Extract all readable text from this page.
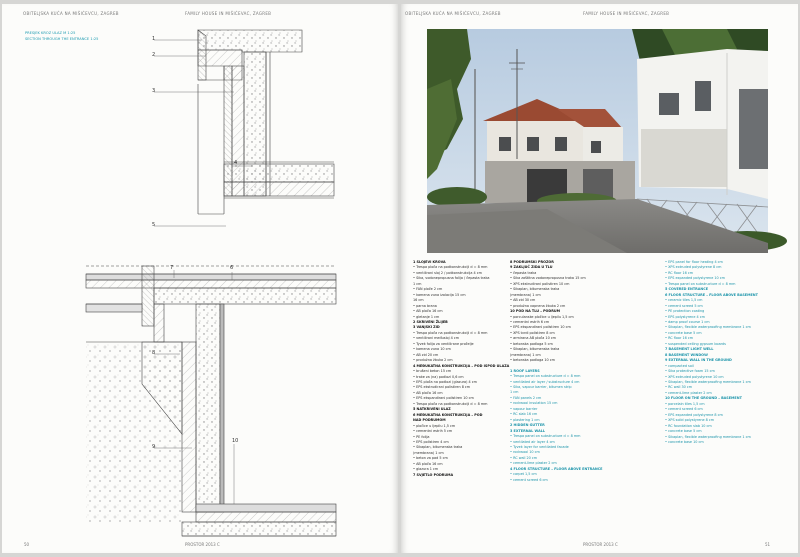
OBITELJSKA KUĆA NA MIŠIĆEVCU, ZAGREB	FAMILY HOUSE IN MIŠIĆEVAC, ZAGREB
PRESJEK KROZ ULAZ M 1:25
SECTION THROUGH THE ENTRANCE 1:25	1
2
3
4
5
6
7
8
9
10
50	PROSTOR 2013 C
OBITELJSKA KUĆA NA MIŠIĆEVCU, ZAGREB	FAMILY HOUSE IN MIŠIĆEVAC, ZAGREB
1 SLOJEVI KROVA
• Trespa ploča na podkonstrukciji d = 8 mm
• ventilirani sloj 2 / potkonstrukcija 4 cm
• Sika, vodonepropusna folija / čepasta traka
1 cm
• FAN ploče 2 cm
• kamena vuna izolacija 15 cm
16 cm
• parna brana
• AB ploča 16 cm
• gletanje 1 cm
2 SKRIVENI ŽLIJEB
3 VANJSKI ZID
• Trespa ploča na podkonstrukciji d = 8 mm
• ventilirani međusloj 4 cm
• Tyvek folija za ventilirane pročelje
• kamena vuna 10 cm
• AB zid 20 cm
• produžna žbuka 2 cm
4 MEĐUKATNA KONSTRUKCIJA – POD ISPOD ULAZA
• brušeni beton 15 cm
• trake za (na) podlozi 0,6 cm
• EPS ploča na podlozi (glazura) 4 cm
• EPS ekstrudirani polistiren 8 cm
• AB ploča 16 cm
• EPS ekspandirani polistiren 10 cm
• Trespa ploča na podkonstrukciji d = 8 mm
5 NATKRIVENI ULAZ
6 MEĐUKATNA KONSTRUKCIJA – POD
NAD PODRUMOM
• pločice u ljepilu 1,5 cm
• cementni estrih 5 cm
• PE folija
• EPS polistiren 4 cm
• Sikaplan, bitumenska traka
(membrana) 1 cm
• beton za pad 5 cm
• AB ploča 16 cm
• glazura 1 cm
7 SVJETLO PODRUMA
8 PODRUMSKI PROZOR
9 ZAKLJUČ ZIDA U TLU
• čepasta traka
• Sika zaštitna vodonepropusna traka 15 cm
• XPS ekstrudirani polistiren 10 cm
• Sikaplan, bitumenska traka
(membrana) 1 cm
• AB zid 30 cm
• produžna vapnena žbuka 2 cm
10 POD NA TLU – PODRUM
• porculanske pločice u ljepilu 1,5 cm
• cementni estrih 6 cm
• EPS ekspandirani polistiren 10 cm
• XPS tvrdi polistiren 8 cm
• armirana AB ploča 10 cm
• betonska podloga 5 cm
• Sikaplan, bitumenska traka
(membrana) 1 cm
• betonska podloga 10 cm
1 ROOF LAYERS
• Trespa panel on substructure d = 8 mm
• ventilated air layer / substructure 4 cm
• Sika, vapour barrier, bitumen strip
1 cm
• FAN panels 2 cm
• rockwool insulation 15 cm
• vapour barrier
• RC slab 16 cm
• plastering 1 cm
2 HIDDEN GUTTER
3 EXTERNAL WALL
• Trespa panel on substructure d = 8 mm
• ventilated air layer 4 cm
• Tyvek layer for ventilated facade
• rockwool 10 cm
• RC wall 20 cm
• cement-lime plaster 2 cm
4 FLOOR STRUCTURE – FLOOR ABOVE ENTRANCE
• carpet 1,5 cm
• cement screed 6 cm
• EPS panel for floor heating 4 cm
• XPS extruded polystyrene 8 cm
• RC floor 16 cm
• EPS expanded polystyrene 10 cm
• Trespa panel on substructure d = 8 mm
5 COVERED ENTRANCE
6 FLOOR STRUCTURE – FLOOR ABOVE BASEMENT
• ceramic tiles 1,5 cm
• cement screed 5 cm
• PE protection coating
• EPS polystyrene 4 cm
• damp proof course 1 cm
• Sikaplan, flexible waterproofing membrane 1 cm
• concrete base 5 cm
• RC floor 16 cm
• suspended ceiling gypsum boards
7 BASEMENT LIGHT WELL
8 BASEMENT WINDOW
9 EXTERNAL WALL IN THE GROUND
• compacted soil
• Sika protective foam 15 cm
• XPS extruded polystyrene 10 cm
• Sikaplan, flexible waterproofing membrane 1 cm
• RC wall 30 cm
• cement-lime plaster 2 cm
10 FLOOR ON THE GROUND – BASEMENT
• porcelain tiles 1,5 cm
• cement screed 6 cm
• EPS expanded polystyrene 8 cm
• XPS solid polystyrene 8 cm
• RC foundation slab 10 cm
• concrete base 5 cm
• Sikaplan, flexible waterproofing membrane 1 cm
• concrete base 10 cm
PROSTOR 2013 C	51
